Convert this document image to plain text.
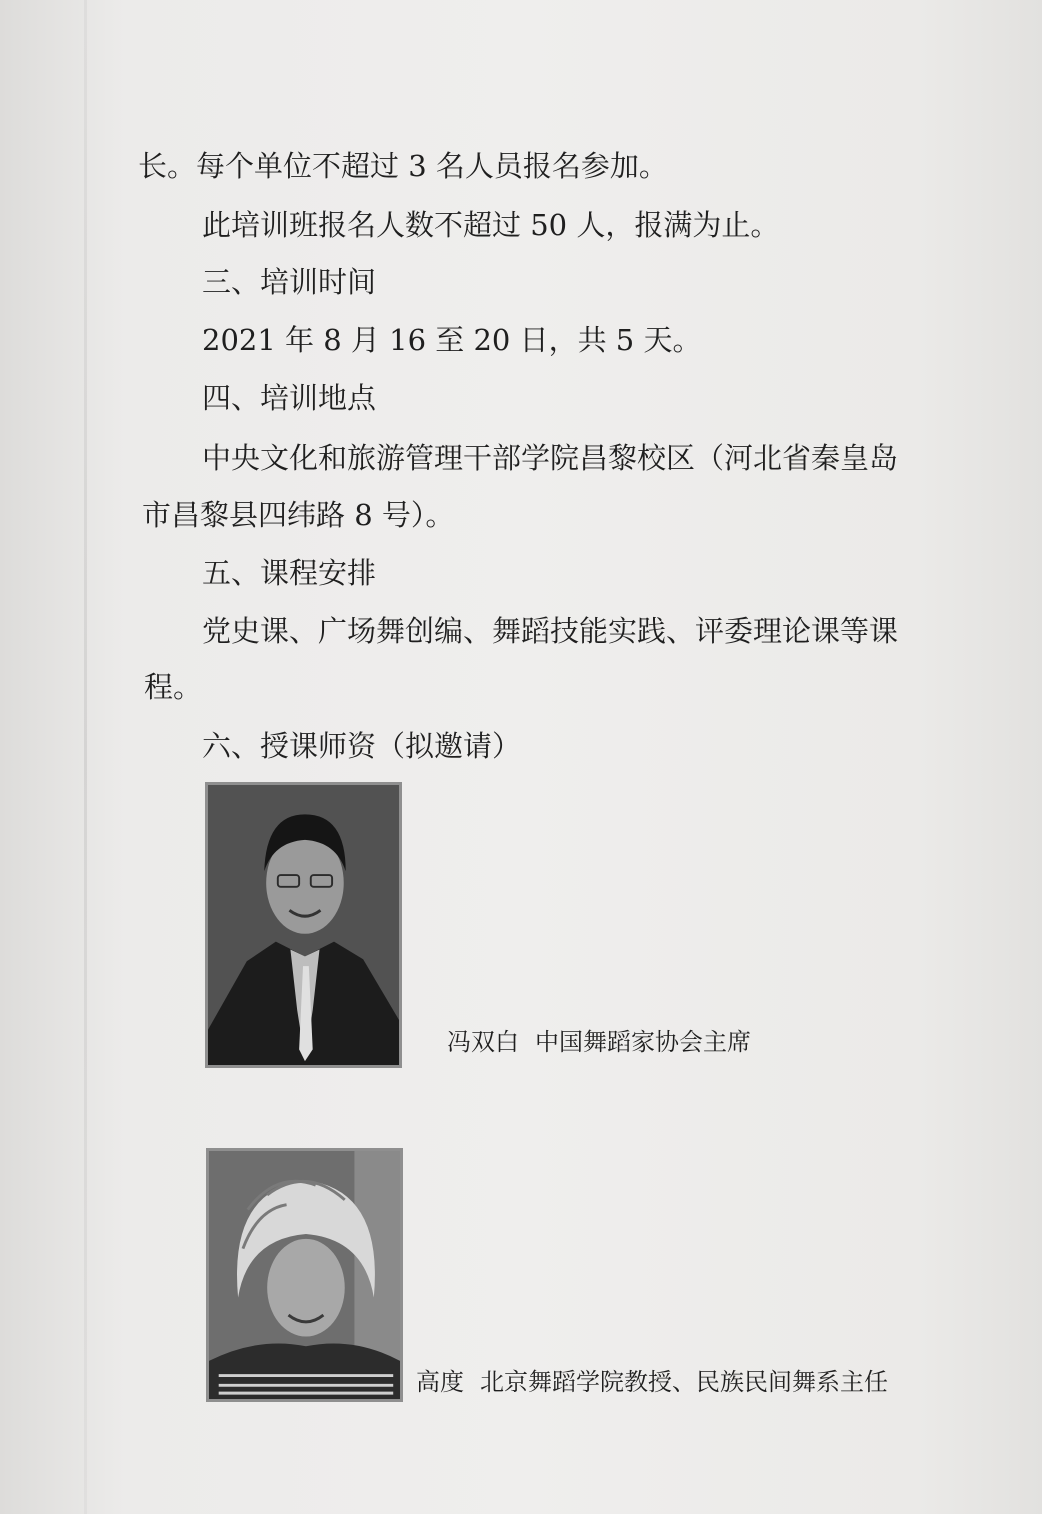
长。每个单位不超过 3 名人员报名参加。

此培训班报名人数不超过 50 人，报满为止。

三、培训时间

2021 年 8 月 16 至 20 日，共 5 天。

四、培训地点

中央文化和旅游管理干部学院昌黎校区（河北省秦皇岛

市昌黎县四纬路 8 号）。

五、课程安排

党史课、广场舞创编、舞蹈技能实践、评委理论课等课

程。

六、授课师资（拟邀请）

冯双白 中国舞蹈家协会主席

高度 北京舞蹈学院教授、民族民间舞系主任
